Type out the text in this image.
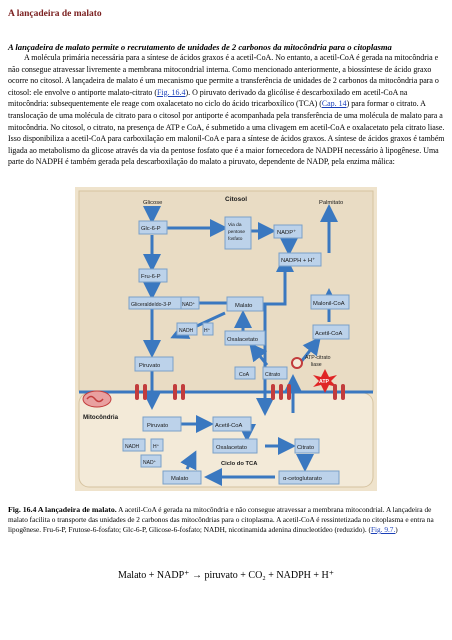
A lançadeira de malato
A lançadeira de malato permite o recrutamento de unidades de 2 carbonos da mitocôndria para o citoplasma

A molécula primária necessária para a síntese de ácidos graxos é a acetil-CoA. No entanto, a acetil-CoA é gerada na mitocôndria e não consegue atravessar livremente a membrana mitocondrial interna. Como mencionado anteriormente, a biossíntese de ácido graxo ocorre no citosol. A lançadeira de malato é um mecanismo que permite a transferência de unidades de 2 carbonos da mitocôndria para o citosol: ele envolve o antiporte malato-citrato (Fig. 16.4). O piruvato derivado da glicólise é descarboxilado em acetil-CoA na mitocôndria: subsequentemente ele reage com oxalacetato no ciclo do ácido tricarboxílico (TCA) (Cap. 14) para formar o citrato. A translocação de uma molécula de citrato para o citosol por antiporte é acompanhada pela transferência de uma molécula de malato para a mitocôndria. No citosol, o citrato, na presença de ATP e CoA, é submetido a uma clivagem em acetil-CoA e oxalacetato pela citrato liase. Isso disponibiliza a acetil-CoA para carboxilação em malonil-CoA e para a síntese de ácidos graxos. A síntese de ácidos graxos é também ligada ao metabolismo da glicose através da via da pentose fosfato que é a maior fornecedora de NADPH necessário à lipogênese. Uma parte do NADPH é também gerada pela descarboxilação do malato a piruvato, dependente de NADP, pela enzima málica:

Glicose	Palmitato
Citosol
Glc-6-P
Via da
pentose
fosfato
NADP⁺
Fru-6-P
NADPH + H⁺
Gliceraldeído-3-P NAD⁺	Malato	Malonil-CoA
NADH H⁺
Oxalacetato
Acetil-CoA
Piruvato
ATP-citrato
liase
CoA	Citrato
ATP
Mitocôndria
Piruvato	Acetil-CoA
NADH	H⁺	Oxalacetato	Citrato
NAD⁺	Ciclo do TCA
Malato	α-cetoglutarato
Fig. 16.4 A lançadeira de malato. A acetil-CoA é gerada na mitocôndria e não consegue atravessar a membrana mitocondrial. A lançadeira de malato facilita o transporte das unidades de 2 carbonos das mitocôndrias para o citoplasma. A acetil-CoA é ressintetizada no citoplasma e entra na lipogênese. Fru-6-P, Frutose-6-fosfato; Glc-6-P, Glicose-6-fosfato; NADH, nicotinamida adenina dinucleotídeo (reduzido). (Fig. 9.7.)
Malato + NADP⁺ → piruvato + CO₂ + NADPH + H⁺
